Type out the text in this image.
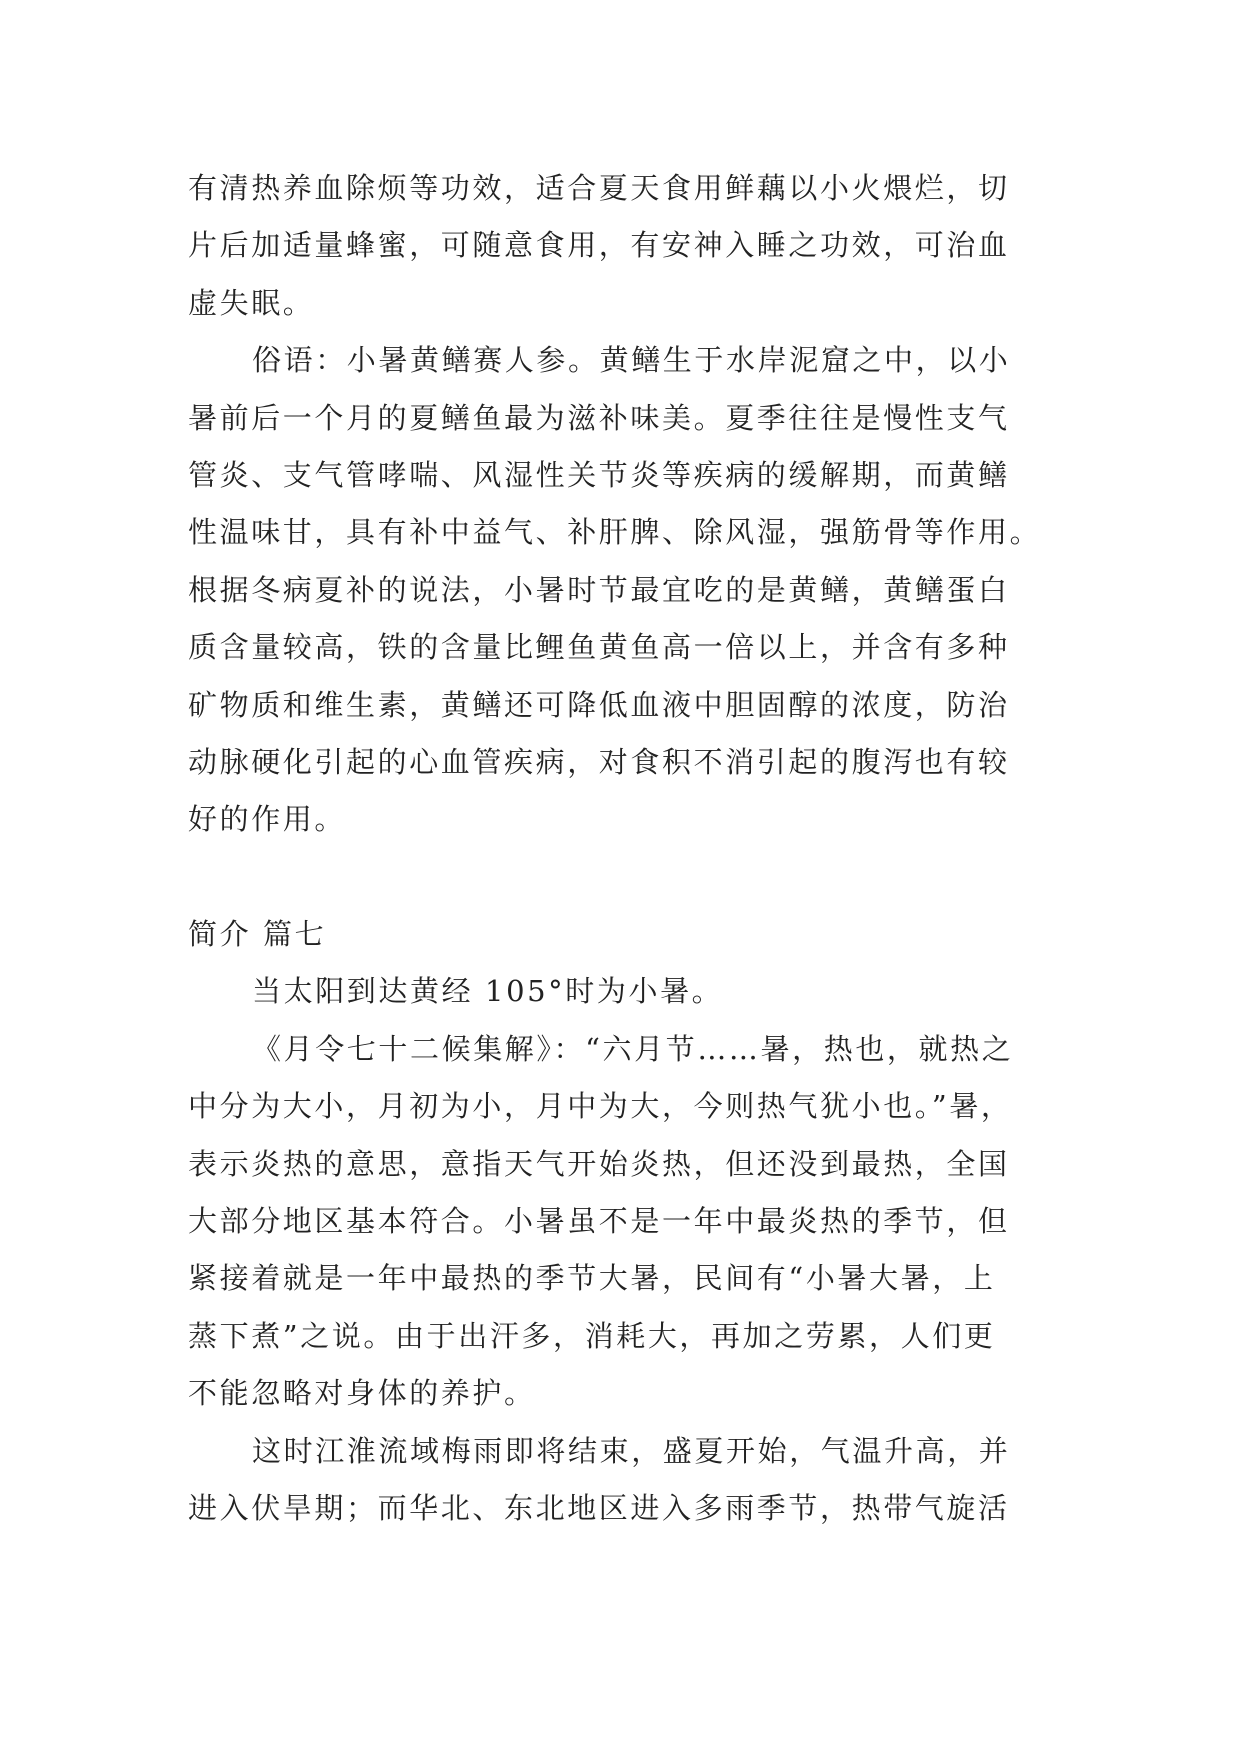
有清热养血除烦等功效，适合夏天食用鲜藕以小火煨烂，切
片后加适量蜂蜜，可随意食用，有安神入睡之功效，可治血
虚失眠。

俗语：小暑黄鳝赛人参。黄鳝生于水岸泥窟之中，以小
暑前后一个月的夏鳝鱼最为滋补味美。夏季往往是慢性支气
管炎、支气管哮喘、风湿性关节炎等疾病的缓解期，而黄鳝
性温味甘，具有补中益气、补肝脾、除风湿，强筋骨等作用。
根据冬病夏补的说法，小暑时节最宜吃的是黄鳝，黄鳝蛋白
质含量较高，铁的含量比鲤鱼黄鱼高一倍以上，并含有多种
矿物质和维生素，黄鳝还可降低血液中胆固醇的浓度，防治
动脉硬化引起的心血管疾病，对食积不消引起的腹泻也有较
好的作用。

简介 篇七

当太阳到达黄经 105°时为小暑。

《月令七十二候集解》：“六月节……暑，热也，就热之
中分为大小，月初为小，月中为大，今则热气犹小也。”暑，
表示炎热的意思，意指天气开始炎热，但还没到最热，全国
大部分地区基本符合。小暑虽不是一年中最炎热的季节，但
紧接着就是一年中最热的季节大暑，民间有“小暑大暑，上
蒸下煮”之说。由于出汗多，消耗大，再加之劳累，人们更
不能忽略对身体的养护。

这时江淮流域梅雨即将结束，盛夏开始，气温升高，并
进入伏旱期；而华北、东北地区进入多雨季节，热带气旋活
